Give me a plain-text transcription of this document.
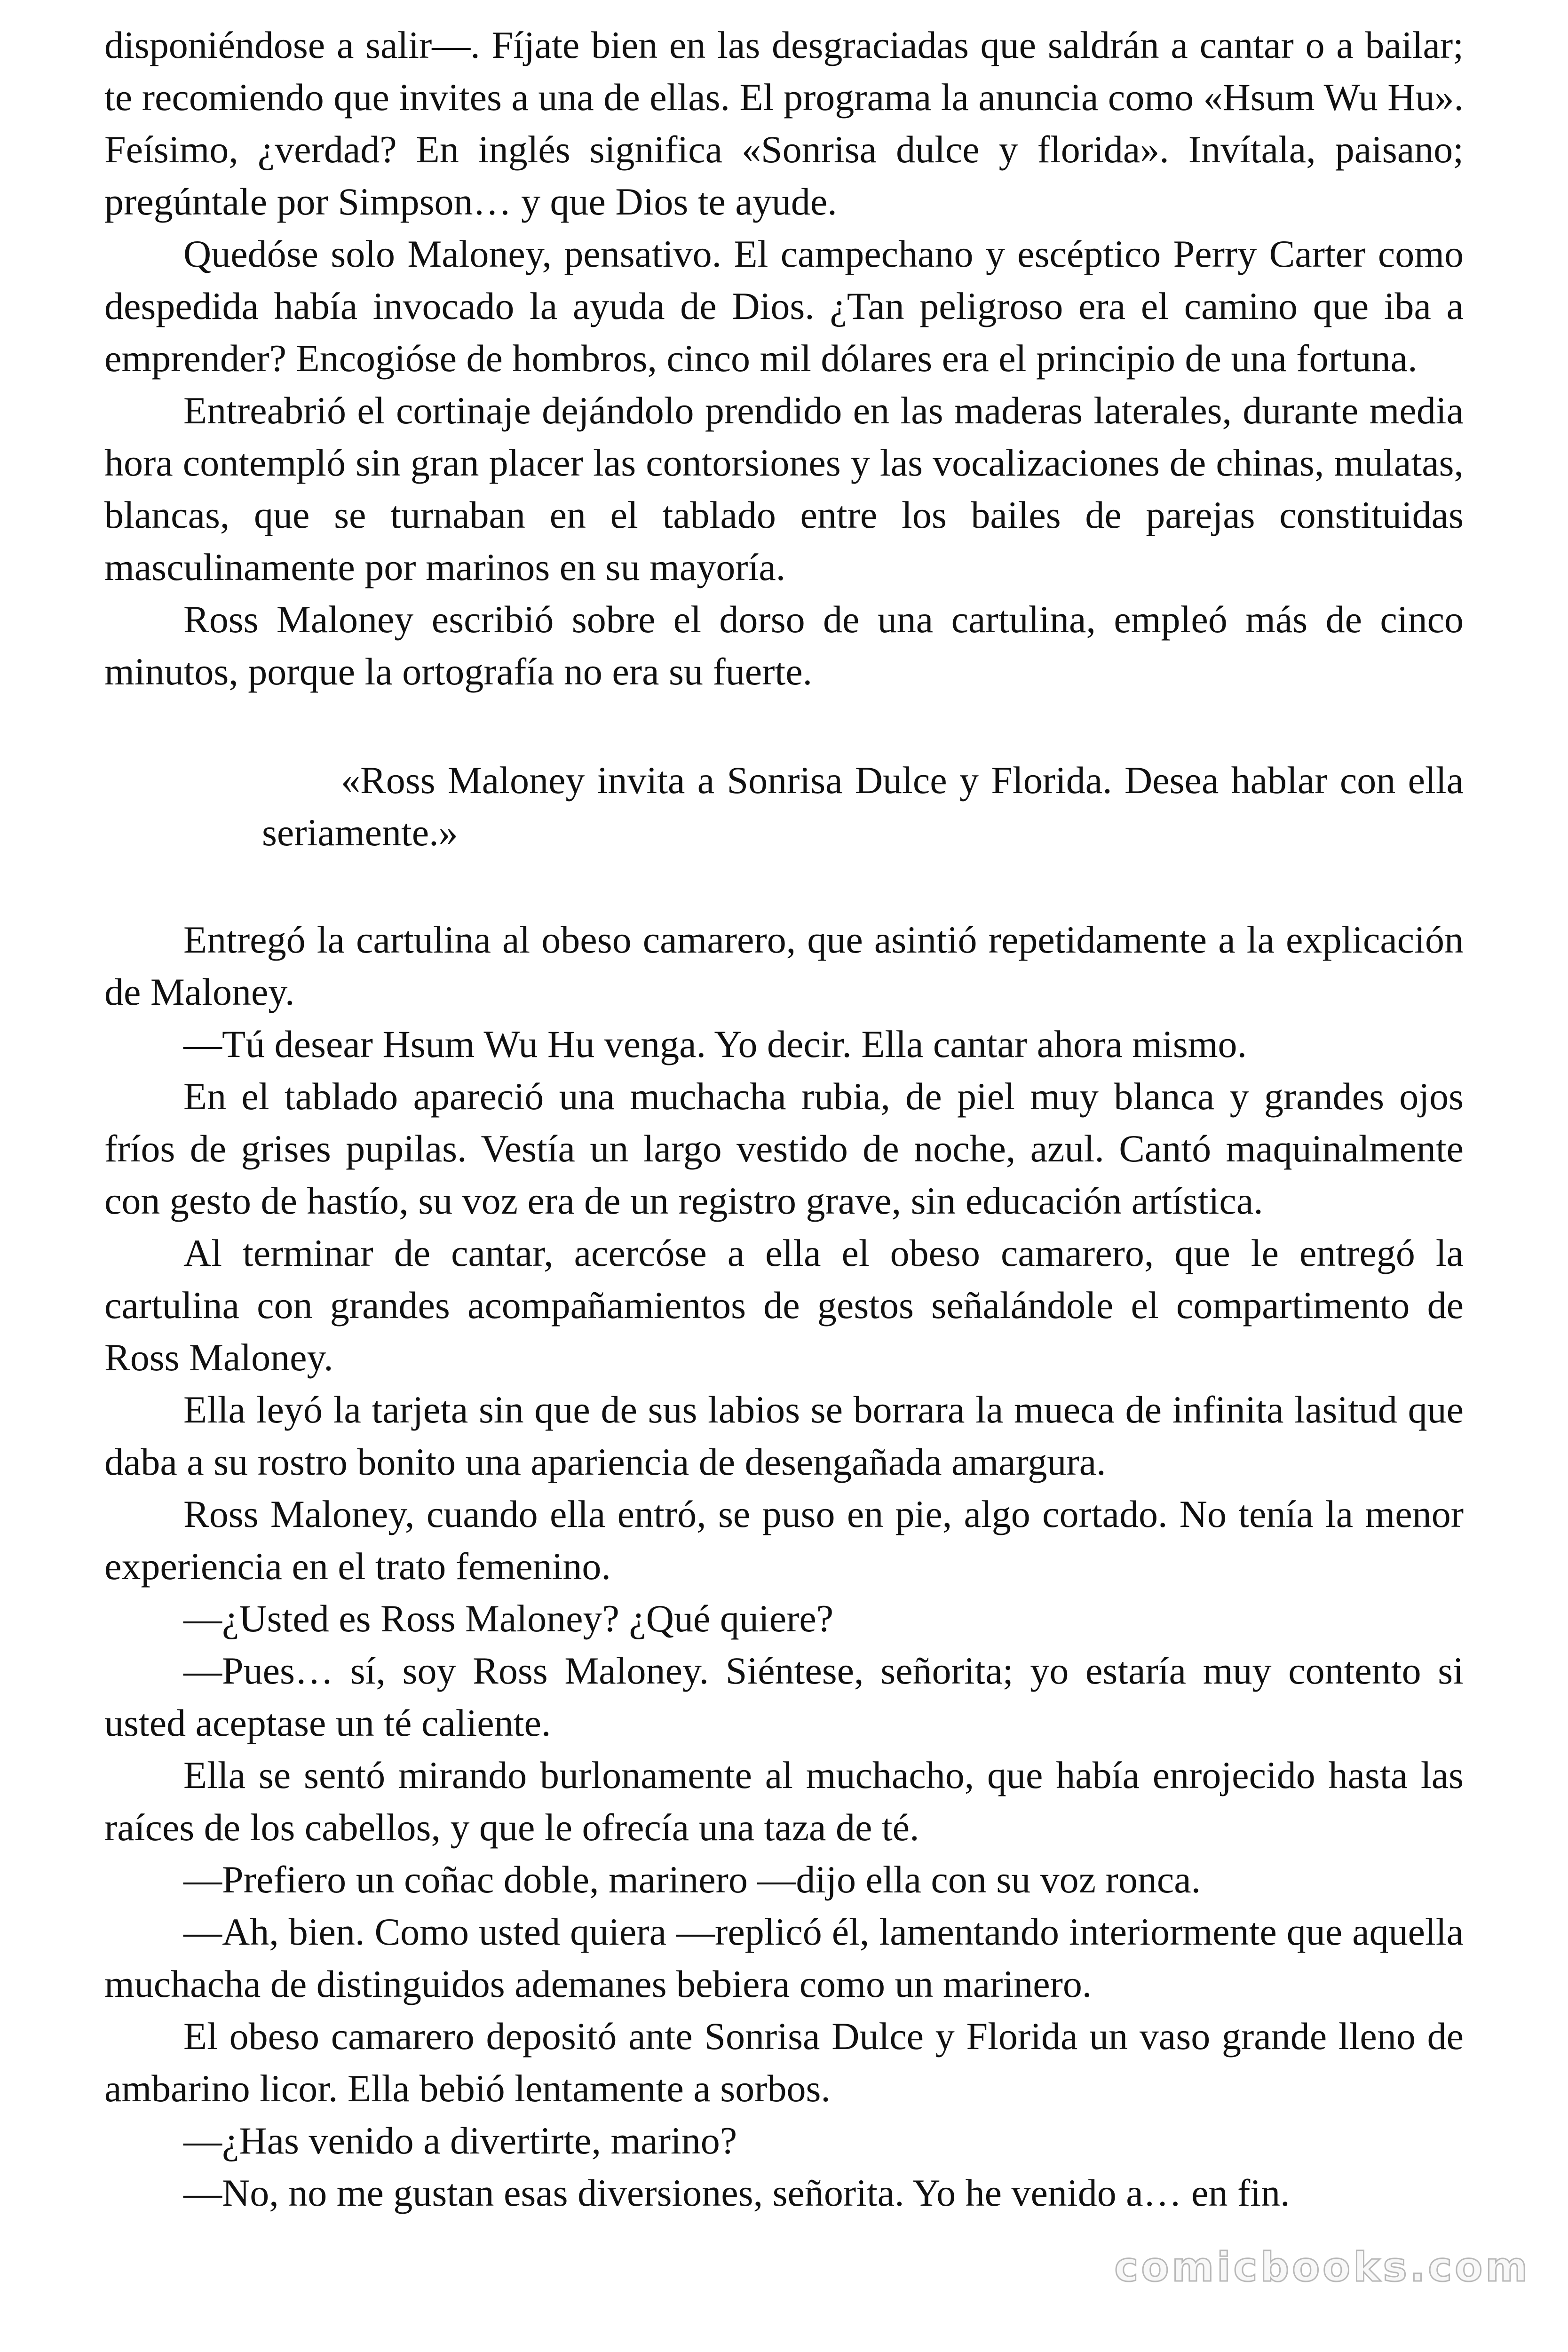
disponiéndose a salir—. Fíjate bien en las desgraciadas que saldrán a cantar o a bailar; te recomiendo que invites a una de ellas. El programa la anuncia como «Hsum Wu Hu». Feísimo, ¿verdad? En inglés significa «Sonrisa dulce y florida». Invítala, paisano; pregúntale por Simpson… y que Dios te ayude.

Quedóse solo Maloney, pensativo. El campechano y escéptico Perry Carter como despedida había invocado la ayuda de Dios. ¿Tan peligroso era el camino que iba a emprender? Encogióse de hombros, cinco mil dólares era el principio de una fortuna.

Entreabrió el cortinaje dejándolo prendido en las maderas laterales, durante media hora contempló sin gran placer las contorsiones y las vocalizaciones de chinas, mulatas, blancas, que se turnaban en el tablado entre los bailes de parejas constituidas masculinamente por marinos en su mayoría.

Ross Maloney escribió sobre el dorso de una cartulina, empleó más de cinco minutos, porque la ortografía no era su fuerte.

«Ross Maloney invita a Sonrisa Dulce y Florida. Desea hablar con ella seriamente.»

Entregó la cartulina al obeso camarero, que asintió repetidamente a la explicación de Maloney.

—Tú desear Hsum Wu Hu venga. Yo decir. Ella cantar ahora mismo.

En el tablado apareció una muchacha rubia, de piel muy blanca y grandes ojos fríos de grises pupilas. Vestía un largo vestido de noche, azul. Cantó maquinalmente con gesto de hastío, su voz era de un registro grave, sin educación artística.

Al terminar de cantar, acercóse a ella el obeso camarero, que le entregó la cartulina con grandes acompañamientos de gestos señalándole el compartimento de Ross Maloney.

Ella leyó la tarjeta sin que de sus labios se borrara la mueca de infinita lasitud que daba a su rostro bonito una apariencia de desengañada amargura.

Ross Maloney, cuando ella entró, se puso en pie, algo cortado. No tenía la menor experiencia en el trato femenino.

—¿Usted es Ross Maloney? ¿Qué quiere?

—Pues… sí, soy Ross Maloney. Siéntese, señorita; yo estaría muy contento si usted aceptase un té caliente.

Ella se sentó mirando burlonamente al muchacho, que había enrojecido hasta las raíces de los cabellos, y que le ofrecía una taza de té.

—Prefiero un coñac doble, marinero —dijo ella con su voz ronca.

—Ah, bien. Como usted quiera —replicó él, lamentando interiormente que aquella muchacha de distinguidos ademanes bebiera como un marinero.

El obeso camarero depositó ante Sonrisa Dulce y Florida un vaso grande lleno de ambarino licor. Ella bebió lentamente a sorbos.

—¿Has venido a divertirte, marino?

—No, no me gustan esas diversiones, señorita. Yo he venido a… en fin.

comicbooks.com
